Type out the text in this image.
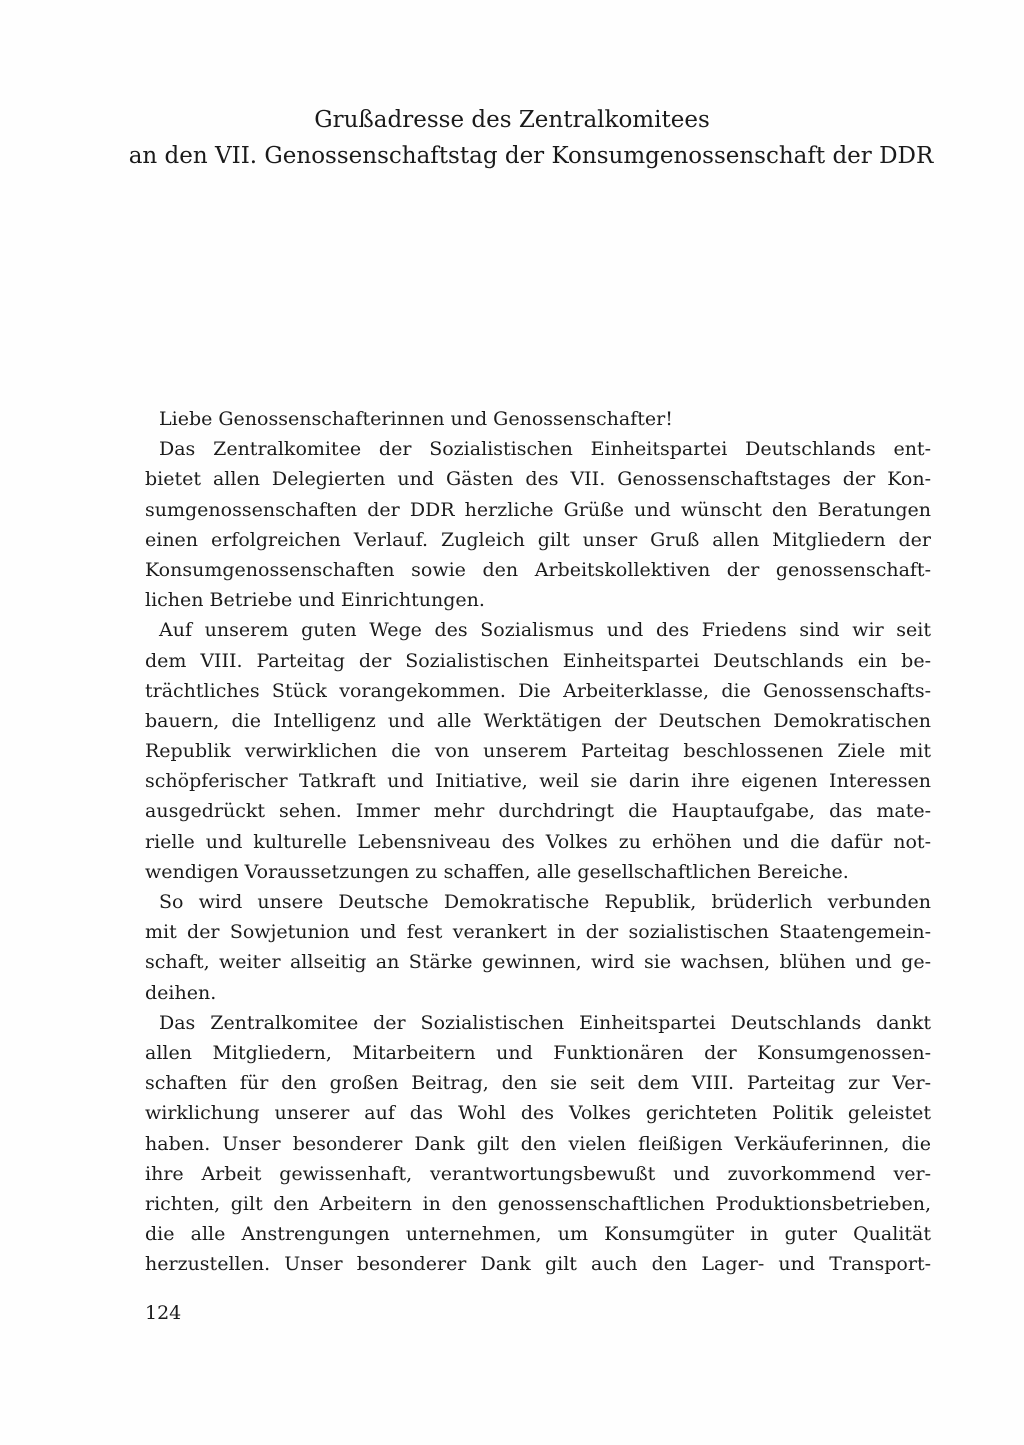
Grußadresse des Zentralkomitees

an den VII. Genossenschaftstag der Konsumgenossenschaft der DDR

Liebe Genossenschafterinnen und Genossenschafter!
Das Zentralkomitee der Sozialistischen Einheitspartei Deutschlands ent-
bietet allen Delegierten und Gästen des VII. Genossenschaftstages der Kon-
sumgenossenschaften der DDR herzliche Grüße und wünscht den Beratungen
einen erfolgreichen Verlauf. Zugleich gilt unser Gruß allen Mitgliedern der
Konsumgenossenschaften sowie den Arbeitskollektiven der genossenschaft-
lichen Betriebe und Einrichtungen.
Auf unserem guten Wege des Sozialismus und des Friedens sind wir seit
dem VIII. Parteitag der Sozialistischen Einheitspartei Deutschlands ein be-
trächtliches Stück vorangekommen. Die Arbeiterklasse, die Genossenschafts-
bauern, die Intelligenz und alle Werktätigen der Deutschen Demokratischen
Republik verwirklichen die von unserem Parteitag beschlossenen Ziele mit
schöpferischer Tatkraft und Initiative, weil sie darin ihre eigenen Interessen
ausgedrückt sehen. Immer mehr durchdringt die Hauptaufgabe, das mate-
rielle und kulturelle Lebensniveau des Volkes zu erhöhen und die dafür not-
wendigen Voraussetzungen zu schaffen, alle gesellschaftlichen Bereiche.
So wird unsere Deutsche Demokratische Republik, brüderlich verbunden
mit der Sowjetunion und fest verankert in der sozialistischen Staatengemein-
schaft, weiter allseitig an Stärke gewinnen, wird sie wachsen, blühen und ge-
deihen.
Das Zentralkomitee der Sozialistischen Einheitspartei Deutschlands dankt
allen Mitgliedern, Mitarbeitern und Funktionären der Konsumgenossen-
schaften für den großen Beitrag, den sie seit dem VIII. Parteitag zur Ver-
wirklichung unserer auf das Wohl des Volkes gerichteten Politik geleistet
haben. Unser besonderer Dank gilt den vielen fleißigen Verkäuferinnen, die
ihre Arbeit gewissenhaft, verantwortungsbewußt und zuvorkommend ver-
richten, gilt den Arbeitern in den genossenschaftlichen Produktionsbetrieben,
die alle Anstrengungen unternehmen, um Konsumgüter in guter Qualität
herzustellen. Unser besonderer Dank gilt auch den Lager- und Transport-
124
